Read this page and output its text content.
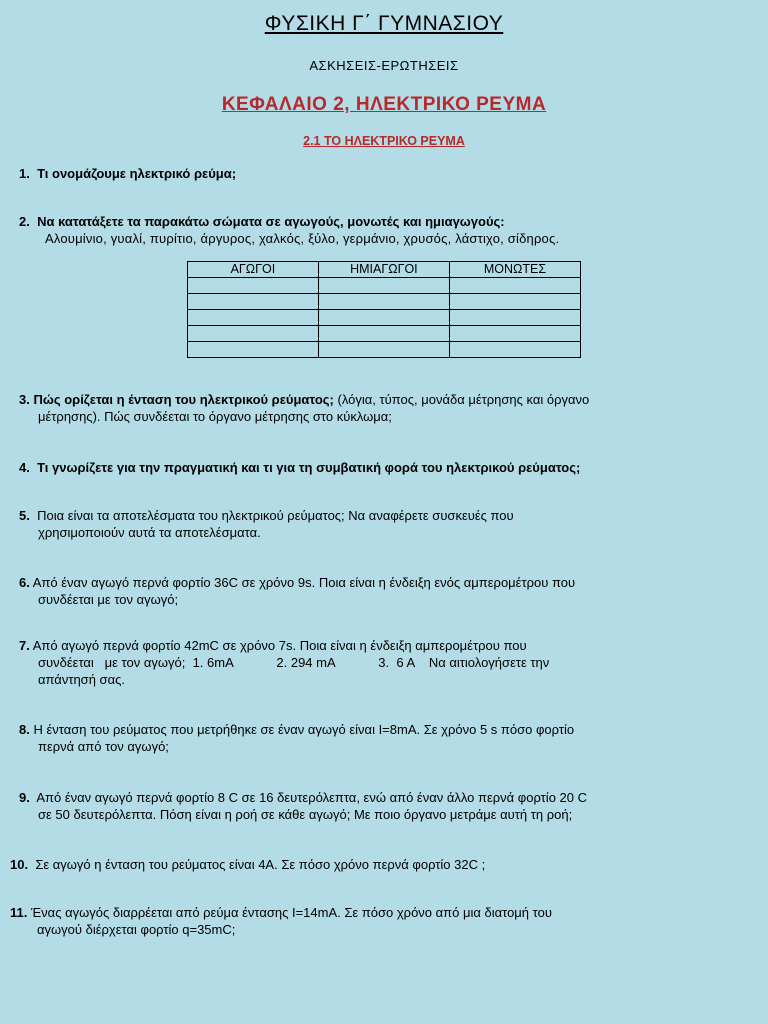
ΦΥΣΙΚΗ Γ΄ ΓΥΜΝΑΣΙΟΥ
ΑΣΚΗΣΕΙΣ-ΕΡΩΤΗΣΕΙΣ
ΚΕΦΑΛΑΙΟ 2, ΗΛΕΚΤΡΙΚΟ ΡΕΥΜΑ
2.1 ΤΟ ΗΛΕΚΤΡΙΚΟ ΡΕΥΜΑ
1. Τι ονομάζουμε ηλεκτρικό ρεύμα;
2. Να κατατάξετε τα παρακάτω σώματα σε αγωγούς, μονωτές και ημιαγωγούς:
Αλουμίνιο, γυαλί, πυρίτιο, άργυρος, χαλκός, ξύλο, γερμάνιο, χρυσός, λάστιχο, σίδηρος.
ΑΓΩΓΟΙ	ΗΜΙΑΓΩΓΟΙ	ΜΟΝΩΤΕΣ

3. Πώς ορίζεται η ένταση του ηλεκτρικού ρεύματος; (λόγια, τύπος, μονάδα μέτρησης και όργανο
μέτρησης). Πώς συνδέεται το όργανο μέτρησης στο κύκλωμα;
4. Τι γνωρίζετε για την πραγματική και τι για τη συμβατική φορά του ηλεκτρικού ρεύματος;
5. Ποια είναι τα αποτελέσματα του ηλεκτρικού ρεύματος; Να αναφέρετε συσκευές που
χρησιμοποιούν αυτά τα αποτελέσματα.
6. Από έναν αγωγό περνά φορτίο 36C σε χρόνο 9s. Ποια είναι η ένδειξη ενός αμπερομέτρου που
συνδέεται με τον αγωγό;
7. Από αγωγό περνά φορτίο 42mC σε χρόνο 7s. Ποια είναι η ένδειξη αμπερομέτρου που
συνδέεται   με τον αγωγό;  1. 6mA            2. 294 mA            3.  6 A    Να αιτιολογήσετε την
απάντησή σας.
8. Η ένταση του ρεύματος που μετρήθηκε σε έναν αγωγό είναι I=8mA. Σε χρόνο 5 s πόσο φορτίο
περνά από τον αγωγό;
9. Από έναν αγωγό περνά φορτίο 8 C σε 16 δευτερόλεπτα, ενώ από έναν άλλο περνά φορτίο 20 C
σε 50 δευτερόλεπτα. Πόση είναι η ροή σε κάθε αγωγό; Με ποιο όργανο μετράμε αυτή τη ροή;
10. Σε αγωγό η ένταση του ρεύματος είναι 4A. Σε πόσο χρόνο περνά φορτίο 32C ;
11. Ένας αγωγός διαρρέεται από ρεύμα έντασης I=14mA. Σε πόσο χρόνο από μια διατομή του
αγωγού διέρχεται φορτίο q=35mC;
